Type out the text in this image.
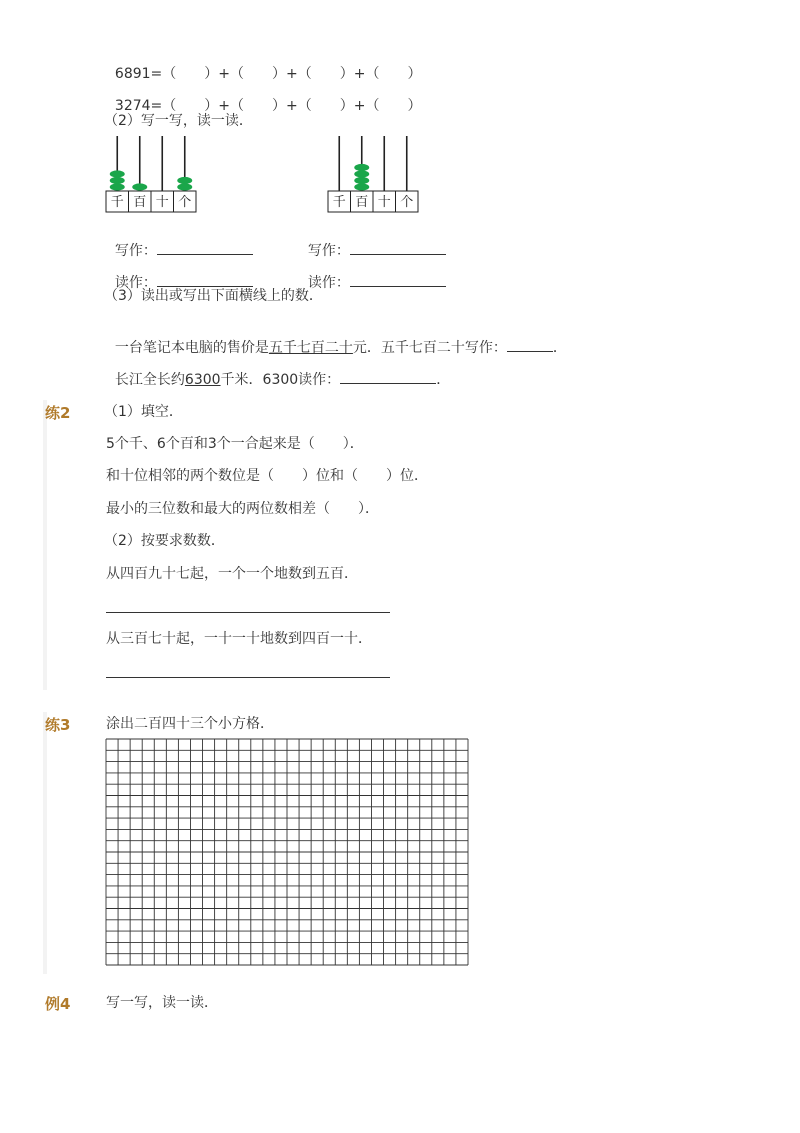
6891=（　　）+（　　）+（　　）+（　　）

3274=（　　）+（　　）+（　　）+（　　）

（2）写一写，读一读．
千 百 十 个	千 百 十 个

写作：	写作：

读作：	读作：

（3）读出或写出下面横线上的数．

一台笔记本电脑的售价是五千七百二十元．五千七百二十写作：	．

长江全长约6300千米．6300读作：	．

练2 （1）填空．
5个千、6个百和3个一合起来是（　　）．
和十位相邻的两个数位是（　　）位和（　　）位．
最小的三位数和最大的两位数相差（　　）．
（2）按要求数数．
从四百九十七起，一个一个地数到五百．
从三百七十起，一十一十地数到四百一十．
练3	涂出二百四十三个小方格．
例4	写一写，读一读．
